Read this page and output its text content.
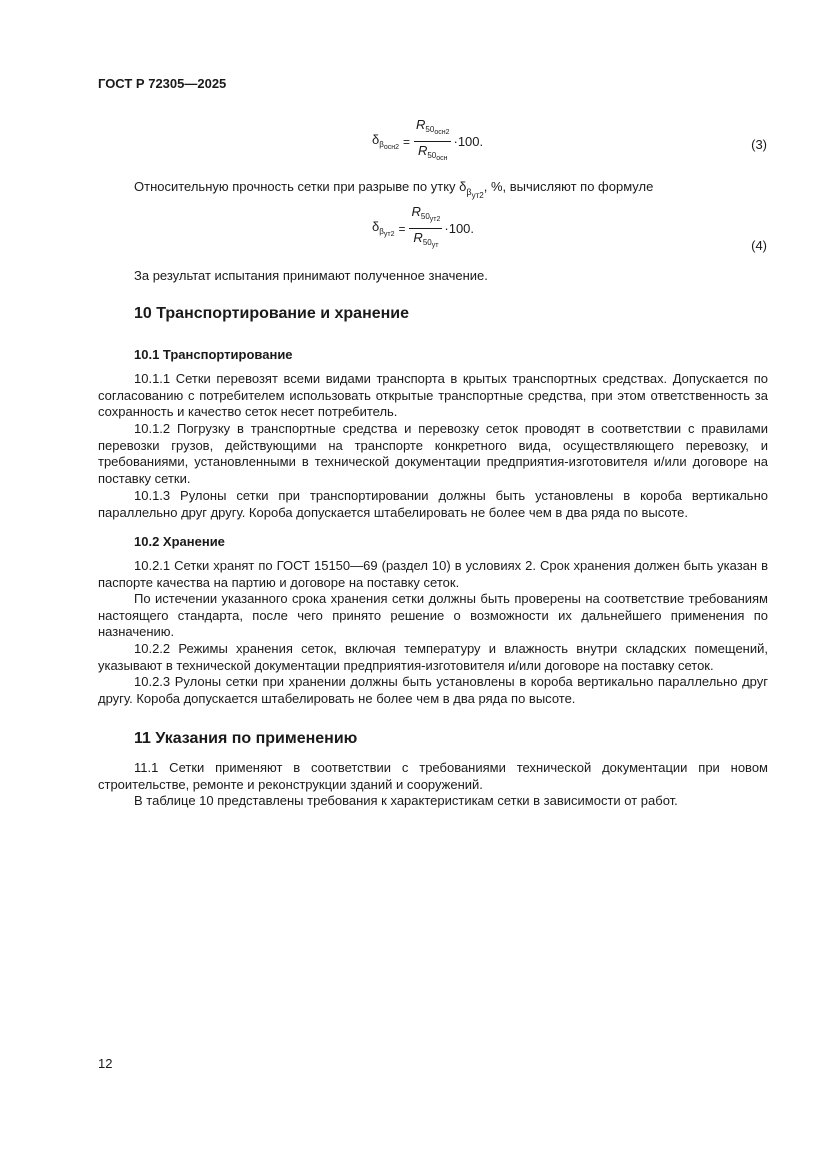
ГОСТ Р 72305—2025
$\delta_{\beta_{осн2}} = \frac{R_{50_{осн2}}}{R_{50_{осн}}} \cdot 100$.	(3)
Относительную прочность сетки при разрыве по утку $\delta_{\beta_{ут2}}$, %, вычисляют по формуле
$\delta_{\beta_{ут2}} = \frac{R_{50_{ут2}}}{R_{50_{ут}}} \cdot 100$.
(4)
За результат испытания принимают полученное значение.
10 Транспортирование и хранение
10.1 Транспортирование

10.1.1 Сетки перевозят всеми видами транспорта в крытых транспортных средствах. Допускается по согласованию с потребителем использовать открытые транспортные средства, при этом ответственность за сохранность и качество сеток несет потребитель.

10.1.2 Погрузку в транспортные средства и перевозку сеток проводят в соответствии с правилами перевозки грузов, действующими на транспорте конкретного вида, осуществляющего перевозку, и требованиями, установленными в технической документации предприятия-изготовителя и/или договоре на поставку сетки.

10.1.3 Рулоны сетки при транспортировании должны быть установлены в короба вертикально параллельно друг другу. Короба допускается штабелировать не более чем в два ряда по высоте.

10.2 Хранение

10.2.1 Сетки хранят по ГОСТ 15150—69 (раздел 10) в условиях 2. Срок хранения должен быть указан в паспорте качества на партию и договоре на поставку сеток.

По истечении указанного срока хранения сетки должны быть проверены на соответствие требованиям настоящего стандарта, после чего принято решение о возможности их дальнейшего применения по назначению.

10.2.2 Режимы хранения сеток, включая температуру и влажность внутри складских помещений, указывают в технической документации предприятия-изготовителя и/или договоре на поставку сеток.

10.2.3 Рулоны сетки при хранении должны быть установлены в короба вертикально параллельно друг другу. Короба допускается штабелировать не более чем в два ряда по высоте.

11 Указания по применению

11.1 Сетки применяют в соответствии с требованиями технической документации при новом строительстве, ремонте и реконструкции зданий и сооружений.

В таблице 10 представлены требования к характеристикам сетки в зависимости от работ.

12
